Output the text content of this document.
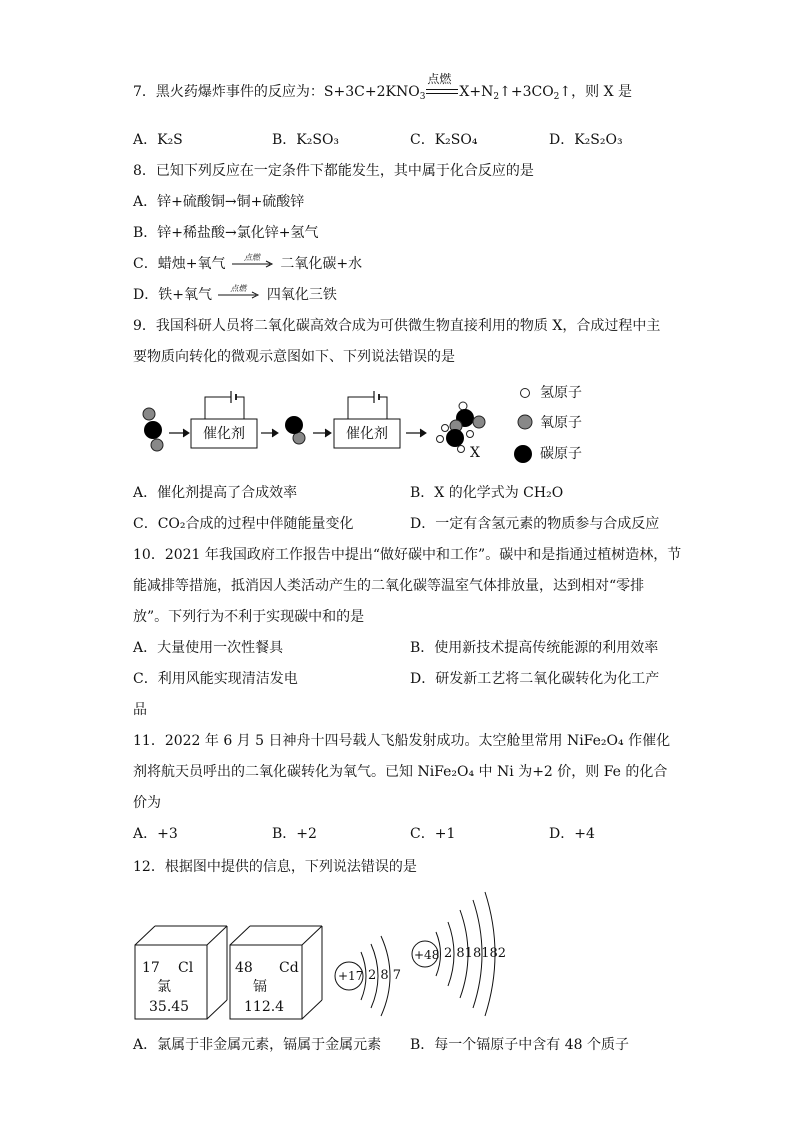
7．黑火药爆炸事件的反应为：$S+3C+2KNO_3$
点燃
$X+N_2↑+3CO_2↑$，则 X 是
A．K₂S	B．K₂SO₃	C．K₂SO₄	D．K₂S₂O₃
8．已知下列反应在一定条件下都能发生，其中属于化合反应的是
A．锌+硫酸铜→铜+硫酸锌
B．锌+稀盐酸→氯化锌+氢气
C．蜡烛+氧气 点燃 二氧化碳+水
D．铁+氧气 点燃 四氧化三铁
9．我国科研人员将二氧化碳高效合成为可供微生物直接利用的物质 X，合成过程中主
要物质向转化的微观示意图如下、下列说法错误的是
催化剂	催化剂
X
氢原子
氧原子
碳原子
A．催化剂提高了合成效率	B．X 的化学式为 CH₂O
C．CO₂合成的过程中伴随能量变化	D．一定有含氢元素的物质参与合成反应
10．2021 年我国政府工作报告中提出“做好碳中和工作”。碳中和是指通过植树造林，节
能减排等措施，抵消因人类活动产生的二氧化碳等温室气体排放量，达到相对“零排
放”。下列行为不利于实现碳中和的是
A．大量使用一次性餐具	B．使用新技术提高传统能源的利用效率
C．利用风能实现清洁发电	D．研发新工艺将二氧化碳转化为化工产
品
11．2022 年 6 月 5 日神舟十四号载人飞船发射成功。太空舱里常用 NiFe₂O₄ 作催化
剂将航天员呼出的二氧化碳转化为氧气。已知 NiFe₂O₄ 中 Ni 为+2 价，则 Fe 的化合
价为
A．+3	B．+2	C．+1	D．+4
12．根据图中提供的信息，下列说法错误的是
17 Cl
氯
35.45
48 Cd
镉
112.4
+17 2 8 7
+48 2 818182
A．氯属于非金属元素，镉属于金属元素 B．每一个镉原子中含有 48 个质子
